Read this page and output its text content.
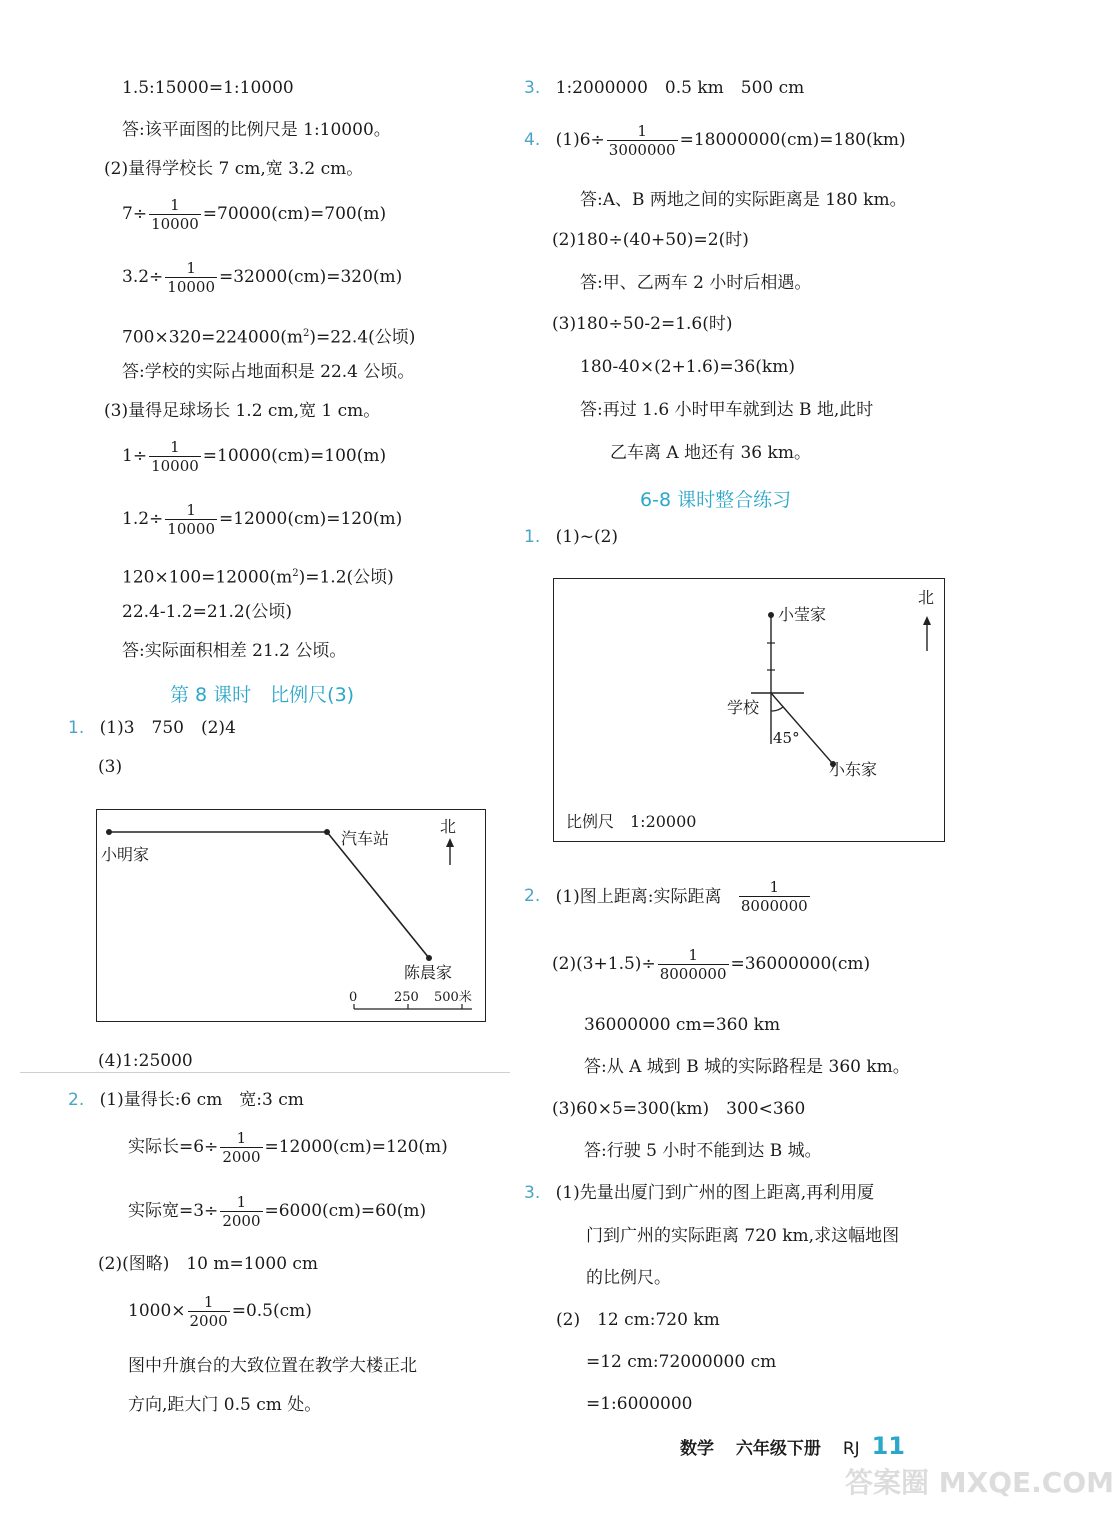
1.5:15000=1:10000
答:该平面图的比例尺是 1:10000。
(2)量得学校长 7 cm,宽 3.2 cm。
$7\div \frac{1}{10000} =70000(cm)=700(m)$
$3.2\div \frac{1}{10000} =32000(cm)=320(m)$
$700\times 320=224000(m^2)=22.4$(公顷)
答:学校的实际占地面积是 22.4 公顷。
(3)量得足球场长 1.2 cm,宽 1 cm。
$1\div \frac{1}{10000} =10000(cm)=100(m)$
$1.2\div \frac{1}{10000} =12000(cm)=120(m)$
$120\times 100=12000(m^2)=1.2$(公顷)
22.4-1.2=21.2(公顷)
答:实际面积相差 21.2 公顷。
第 8 课时　比例尺(3)
1. (1)3　750　(2)4
(3)
小明家
汽车站
陈晨家
北
0	250 500米
(4)1:25000
2. (1)量得长:6 cm　宽:3 cm
实际长$=6\div \frac{1}{2000} =12000(cm)=120(m)$
实际宽$=3\div \frac{1}{2000} =6000(cm)=60(m)$
(2)(图略)　10 m=1000 cm
$1000\times \frac{1}{2000} =0.5(cm)$
图中升旗台的大致位置在教学大楼正北
方向,距大门 0.5 cm 处。
3. 1:2000000　0.5 km　500 cm
4. $(1)6\div \frac{1}{3000000} =18000000(cm)=180(km)$
答:A、B 两地之间的实际距离是 180 km。
(2)180÷(40+50)=2(时)
答:甲、乙两车 2 小时后相遇。
(3)180÷50-2=1.6(时)
180-40×(2+1.6)=36(km)
答:再过 1.6 小时甲车就到达 B 地,此时
乙车离 A 地还有 36 km。
6-8 课时整合练习
1. (1)~(2)
小莹家
学校
45°
小东家
北
比例尺　1:20000
2. (1)图上距离:实际距离 $\frac{1}{8000000}$
$(2)(3+1.5)\div \frac{1}{8000000} =36000000(cm)$
36000000 cm=360 km
答:从 A 城到 B 城的实际路程是 360 km。
(3)60×5=300(km)　300<360
答:行驶 5 小时不能到达 B 城。
3. (1)先量出厦门到广州的图上距离,再利用厦
门到广州的实际距离 720 km,求这幅地图
的比例尺。
(2)　12 cm:720 km
=12 cm:72000000 cm
=1:6000000
数学 六年级下册 RJ 11
答案圈 MXQE.COM
